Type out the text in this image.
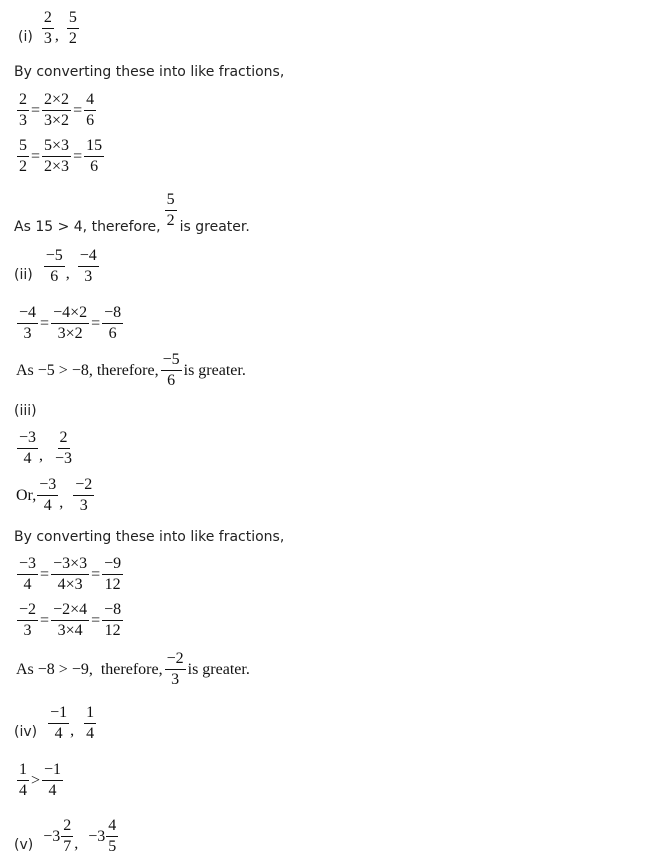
$(i) \frac{2}{3}$ , $\frac{5}{2}$
By converting these into like fractions,
$\frac{2}{3} = \frac{2\times 2}{3\times 2} = \frac{4}{6}$
$\frac{5}{2} = \frac{5\times 3}{2\times 3} = \frac{15}{6}$
As 15 > 4, therefore, $\frac{5}{2}$ is greater.
$(ii) \frac{-5}{6}$ , $\frac{-4}{3}$
$\frac{-4}{3} = \frac{-4\times 2}{3\times 2} = \frac{-8}{6}$
As −5 > −8, therefore, $\frac{-5}{6}$ is greater.
(iii)
$\frac{-3}{4}$ , $\frac{2}{-3}$
Or, $\frac{-3}{4}$ , $\frac{-2}{3}$
By converting these into like fractions,
$\frac{-3}{4} = \frac{-3\times 3}{4\times 3} = \frac{-9}{12}$
$\frac{-2}{3} = \frac{-2\times 4}{3\times 4} = \frac{-8}{12}$
As −8 > −9,  therefore, $\frac{-2}{3}$ is greater.
$(iv) \frac{-1}{4}$ , $\frac{1}{4}$
$\frac{1}{4} > \frac{-1}{4}$
(v)
$-3 \frac{2}{7}$ , $-3 \frac{4}{5}$
